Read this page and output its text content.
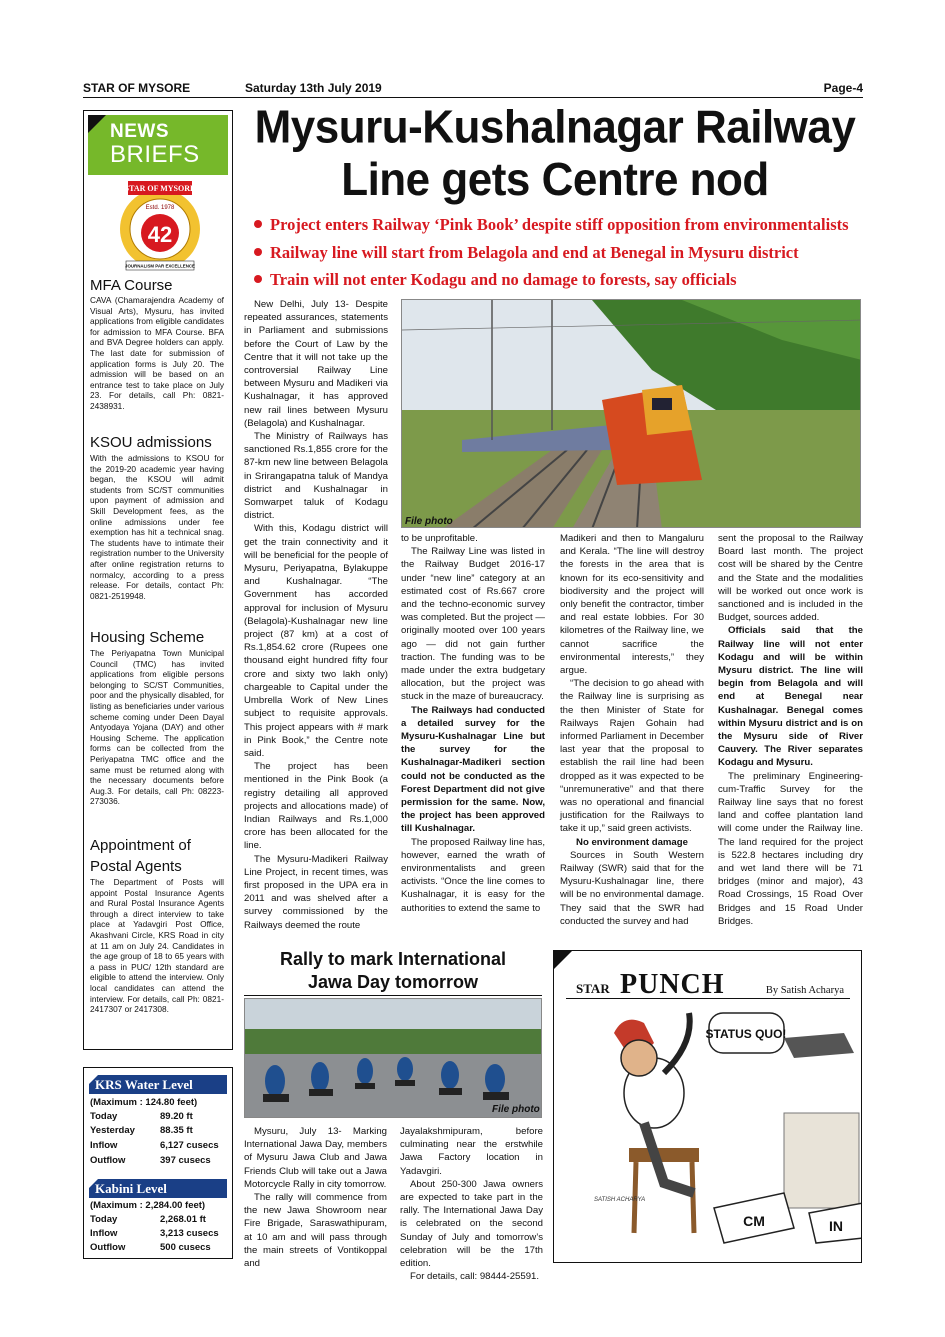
STAR OF MYSORE	Saturday 13th July 2019	Page-4
NEWS
BRIEFS
STAR OF MYSORE
Estd. 1978
42
JOURNALISM PAR EXCELLENCE
MFA Course
CAVA (Chamarajendra Academy of Visual Arts), Mysuru, has invited applications from eligible candidates for admission to MFA Course. BFA and BVA Degree holders can apply. The last date for submission of application forms is July 20. The admission will be based on an entrance test to take place on July 23. For details, call Ph: 0821-2438931.
KSOU admissions
With the admissions to KSOU for the 2019-20 academic year having began, the KSOU will admit students from SC/ST communities upon payment of admission and Skill Development fees, as the online admissions under fee exemption has hit a technical snag. The students have to intimate their registration number to the University after online registration returns to normalcy, according to a press release. For details, contact Ph: 0821-2519948.
Housing Scheme
The Periyapatna Town Municipal Council (TMC) has invited applications from eligible persons belonging to SC/ST Communities, poor and the physically disabled, for listing as beneficiaries under various scheme coming under Deen Dayal Antyodaya Yojana (DAY) and other Housing Scheme. The application forms can be collected from the Periyapatna TMC office and the same must be returned along with the necessary documents before Aug.3. For details, call Ph: 08223-273036.
Appointment of Postal Agents
The Department of Posts will appoint Postal Insurance Agents and Rural Postal Insurance Agents through a direct interview to take place at Yadavgiri Post Office, Akashvani Circle, KRS Road in city at 11 am on July 24. Candidates in the age group of 18 to 65 years with a pass in PUC/ 12th standard are eligible to attend the interview. Only local candidates can attend the interview. For details, call Ph: 0821-2417307 or 2417308.
KRS Water Level
(Maximum : 124.80 feet)
Today	89.20 ft
Yesterday	88.35 ft
Inflow	6,127 cusecs
Outflow	397 cusecs
Kabini Level
(Maximum : 2,284.00 feet)
Today	2,268.01 ft
Inflow	3,213 cusecs
Outflow	500 cusecs
Mysuru-Kushalnagar Railway
Line gets Centre nod
Project enters Railway ‘Pink Book’ despite stiff opposition from environmentalists
Railway line will start from Belagola and end at Benegal in Mysuru district
Train will not enter Kodagu and no damage to forests, say officials
File photo

New Delhi, July 13- Despite repeated assurances, statements in Parliament and submissions before the Court of Law by the Centre that it will not take up the controversial Railway Line between Mysuru and Madikeri via Kushalnagar, it has approved new rail lines between Mysuru (Belagola) and Kushalnagar.

The Ministry of Railways has sanctioned Rs.1,855 crore for the 87-km new line between Belagola in Srirangapatna taluk of Mandya district and Kushalnagar in Somwarpet taluk of Kodagu district.

With this, Kodagu district will get the train connectivity and it will be beneficial for the people of Mysuru, Periyapatna, Bylakuppe and Kushalnagar. “The Government has accorded approval for inclusion of Mysuru (Belagola)-Kushalnagar new line project (87 km) at a cost of Rs.1,854.62 crore (Rupees one thousand eight hundred fifty four crore and sixty two lakh only) chargeable to Capital under the Umbrella Work of New Lines subject to requisite approvals. This project appears with # mark in Pink Book,” the Centre note said.

The project has been mentioned in the Pink Book (a registry detailing all approved projects and allocations made) of Indian Railways and Rs.1,000 crore has been allocated for the line.

The Mysuru-Madikeri Railway Line Project, in recent times, was first proposed in the UPA era in 2011 and was shelved after a survey commissioned by the Railways deemed the route

to be unprofitable.

The Railway Line was listed in the Railway Budget 2016-17 under “new line” category at an estimated cost of Rs.667 crore and the techno-economic survey was completed. But the project — originally mooted over 100 years ago — did not gain further traction. The funding was to be made under the extra budgetary allocation, but the project was stuck in the maze of bureaucracy.

The Railways had conducted a detailed survey for the Mysuru-Kushalnagar Line but the survey for the Kushalnagar-Madikeri section could not be conducted as the Forest Department did not give permission for the same. Now, the project has been approved till Kushalnagar.

The proposed Railway line has, however, earned the wrath of environmentalists and green activists. “Once the line comes to Kushalnagar, it is easy for the authorities to extend the same to

Madikeri and then to Mangaluru and Kerala. “The line will destroy the forests in the area that is known for its eco-sensitivity and biodiversity and the project will only benefit the contractor, timber and real estate lobbies. For 30 kilometres of the Railway line, we cannot sacrifice the environmental interests,” they argue.

“The decision to go ahead with the Railway line is surprising as the then Minister of State for Railways Rajen Gohain had informed Parliament in December last year that the proposal to establish the rail line had been dropped as it was expected to be “unremunerative” and that there was no operational and financial justification for the Railways to take it up,” said green activists.

No environment damage

Sources in South Western Railway (SWR) said that for the Mysuru-Kushalnagar line, there will be no environmental damage. They said that the SWR had conducted the survey and had

sent the proposal to the Railway Board last month. The project cost will be shared by the Centre and the State and the modalities will be worked out once work is sanctioned and is included in the Budget, sources added.

Officials said that the Railway line will not enter Kodagu and will be within Mysuru district. The line will begin from Belagola and will end at Benegal near Kushalnagar. Benegal comes within Mysuru district and is on the Mysuru side of River Cauvery. The River separates Kodagu and Mysuru.

The preliminary Engineering-cum-Traffic Survey for the Railway line says that no forest land and coffee plantation land will come under the Railway line. The land required for the project is 522.8 hectares including dry and wet land there will be 71 bridges (minor and major), 43 Road Crossings, 15 Road Over Bridges and 15 Road Under Bridges.

Rally to mark International
Jawa Day tomorrow
File photo

Mysuru, July 13- Marking International Jawa Day, members of Mysuru Jawa Club and Jawa Friends Club will take out a Jawa Motorcycle Rally in city tomorrow.

The rally will commence from the new Jawa Showroom near Fire Brigade, Saraswathipuram, at 10 am and will pass through the main streets of Vontikoppal and

Jayalakshmipuram, before culminating near the erstwhile Jawa Factory location in Yadavgiri.

About 250-300 Jawa owners are expected to take part in the rally. The International Jawa Day is celebrated on the second Sunday of July and tomorrow’s celebration will be the 17th edition.

For details, call: 98444-25591.

STAR PUNCH	By Satish Acharya
STATUS QUO!
CM	IN
SATISH ACHARYA
